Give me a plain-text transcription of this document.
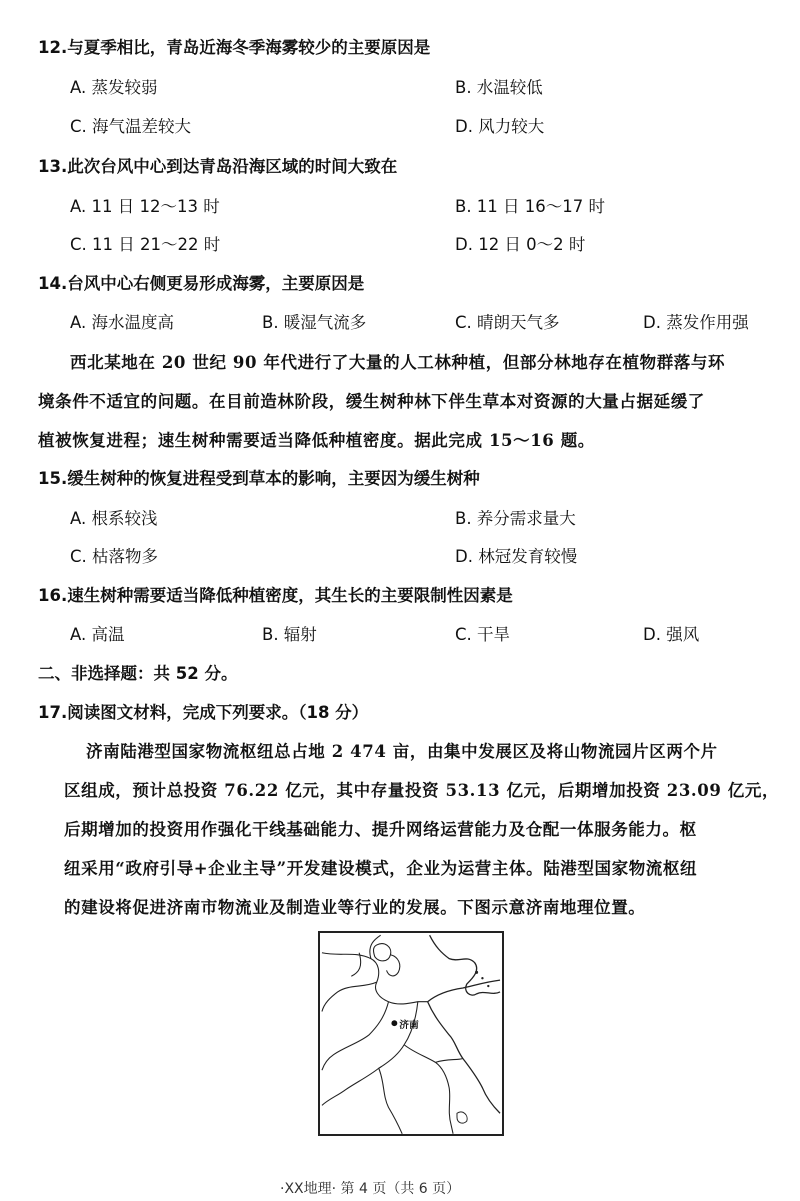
12.与夏季相比，青岛近海冬季海雾较少的主要原因是
A. 蒸发较弱	B. 水温较低
C. 海气温差较大	D. 风力较大
13.此次台风中心到达青岛沿海区域的时间大致在
A. 11 日 12～13 时	B. 11 日 16～17 时
C. 11 日 21～22 时	D. 12 日 0～2 时
14.台风中心右侧更易形成海雾，主要原因是
A. 海水温度高	B. 暖湿气流多	C. 晴朗天气多	D. 蒸发作用强
西北某地在 20 世纪 90 年代进行了大量的人工林种植，但部分林地存在植物群落与环
境条件不适宜的问题。在目前造林阶段，缓生树种林下伴生草本对资源的大量占据延缓了
植被恢复进程；速生树种需要适当降低种植密度。据此完成 15～16 题。
15.缓生树种的恢复进程受到草本的影响，主要因为缓生树种
A. 根系较浅	B. 养分需求量大
C. 枯落物多	D. 林冠发育较慢
16.速生树种需要适当降低种植密度，其生长的主要限制性因素是
A. 高温	B. 辐射	C. 干旱	D. 强风
二、非选择题：共 52 分。
17.阅读图文材料，完成下列要求。（18 分）
济南陆港型国家物流枢纽总占地 2 474 亩，由集中发展区及将山物流园片区两个片
区组成，预计总投资 76.22 亿元，其中存量投资 53.13 亿元，后期增加投资 23.09 亿元，
后期增加的投资用作强化干线基础能力、提升网络运营能力及仓配一体服务能力。枢
纽采用“政府引导+企业主导”开发建设模式，企业为运营主体。陆港型国家物流枢纽
的建设将促进济南市物流业及制造业等行业的发展。下图示意济南地理位置。
济南
·XX地理· 第 4 页（共 6 页）
